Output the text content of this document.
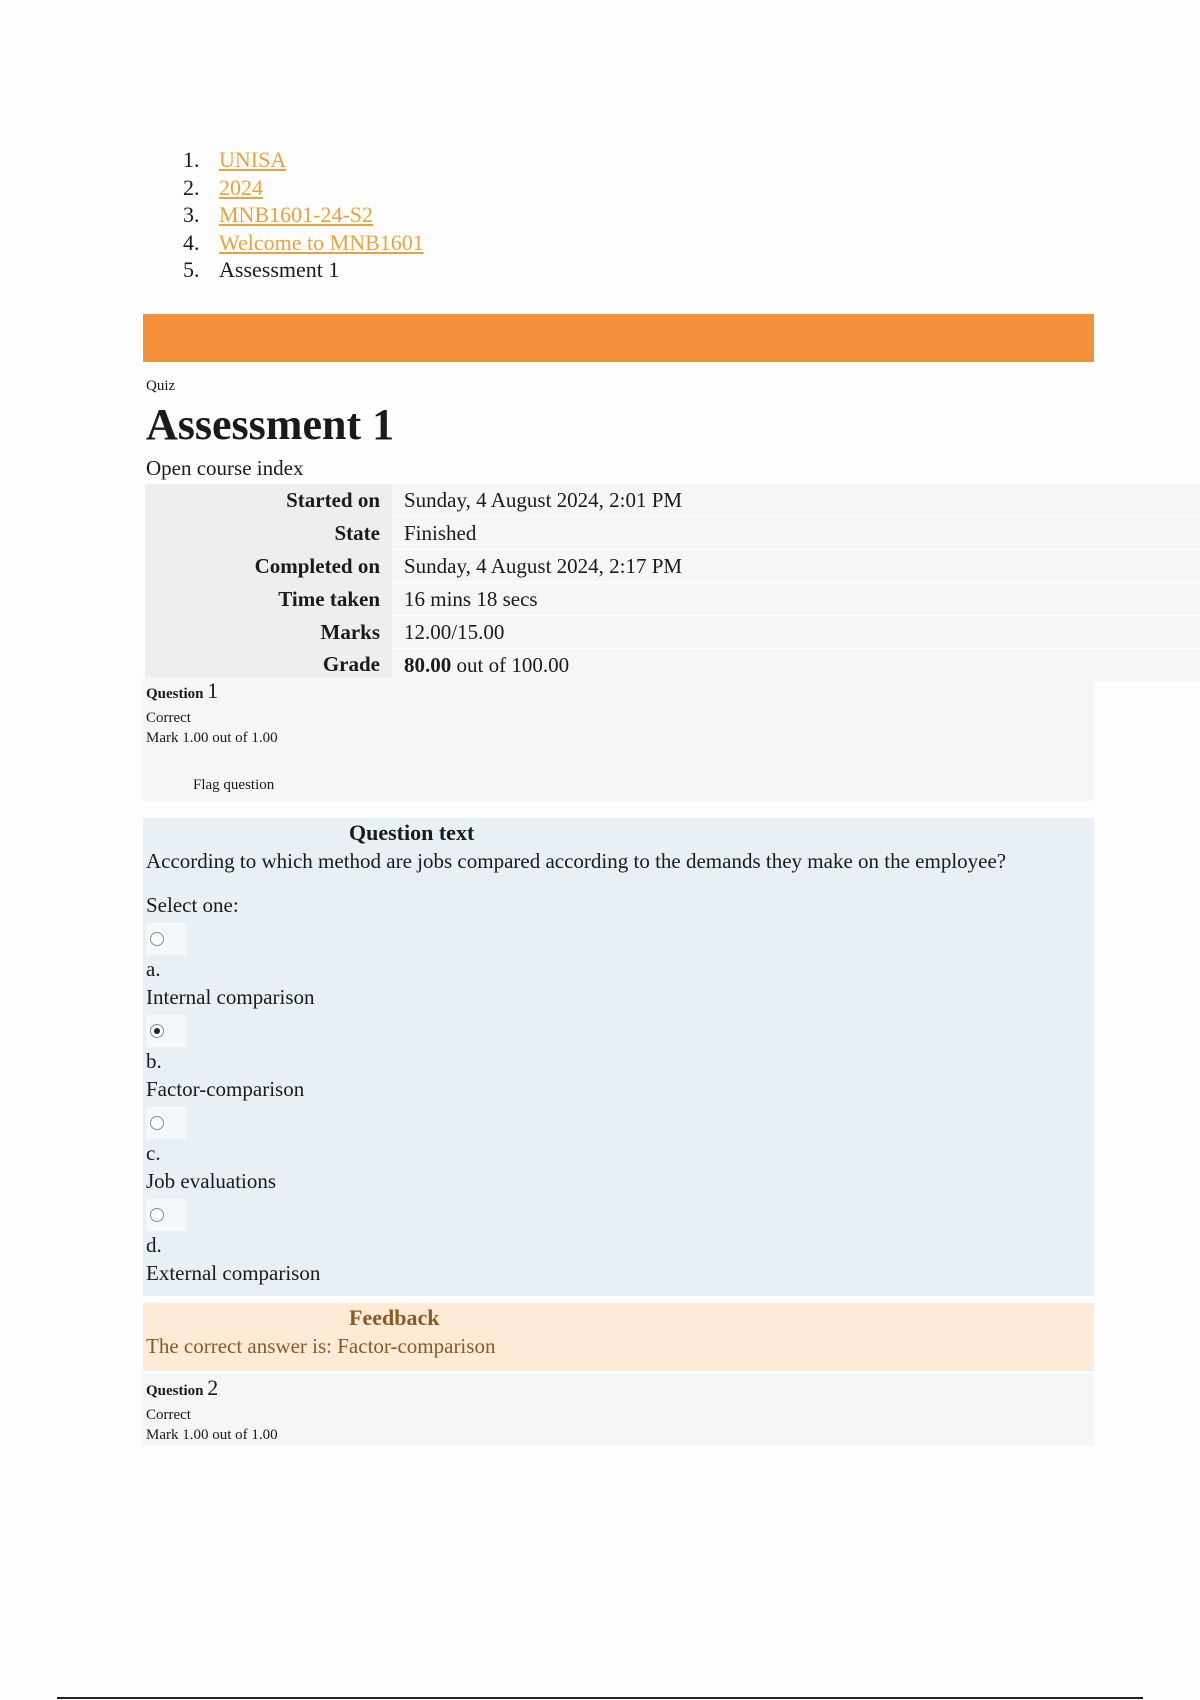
1. UNISA
2. 2024
3. MNB1601-24-S2
4. Welcome to MNB1601
5. Assessment 1
Quiz
Assessment 1
Open course index
Started on	Sunday, 4 August 2024, 2:01 PM
State	Finished
Completed on	Sunday, 4 August 2024, 2:17 PM
Time taken	16 mins 18 secs
Marks	12.00/15.00
Grade	80.00 out of 100.00
Question 1
Correct
Mark 1.00 out of 1.00
Flag question
Question text

According to which method are jobs compared according to the demands they make on the employee?

Select one:
a.
Internal comparison
b.
Factor-comparison
c.
Job evaluations
d.
External comparison
Feedback
The correct answer is: Factor-comparison
Question 2
Correct
Mark 1.00 out of 1.00
